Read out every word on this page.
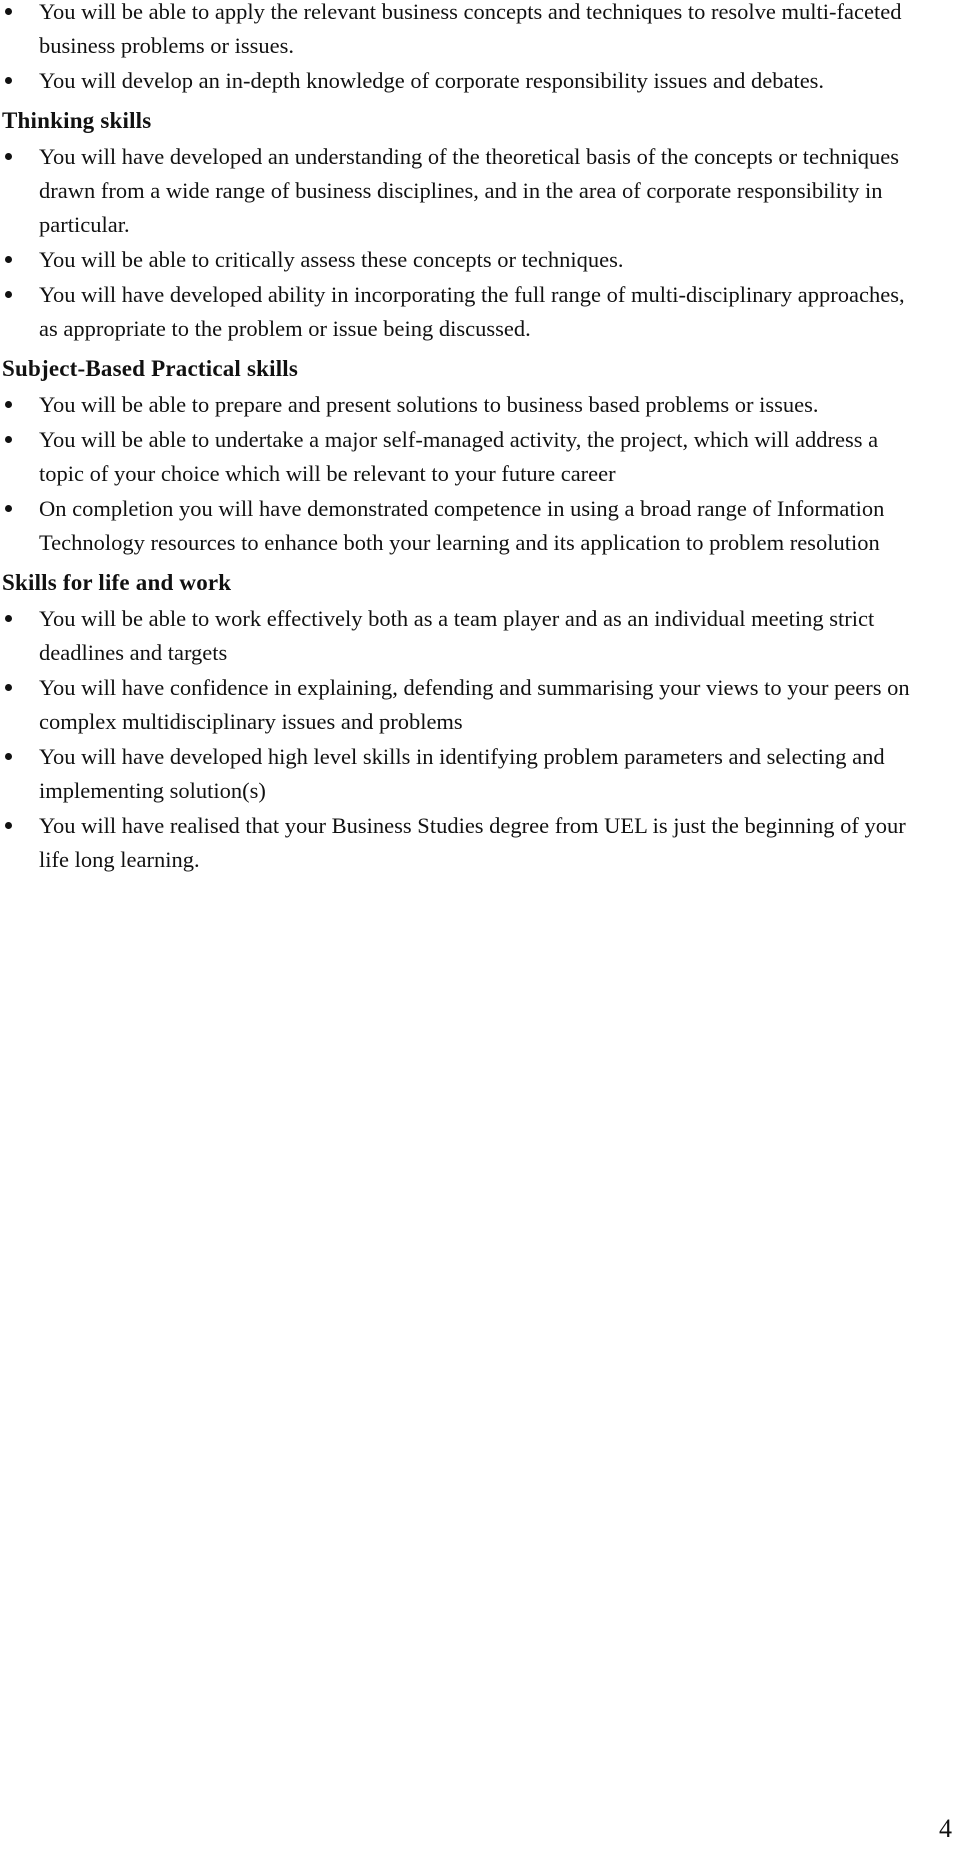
You will be able to apply the relevant business concepts and techniques to resolve multi-faceted business problems or issues.
You will develop an in-depth knowledge of corporate responsibility issues and debates.
Thinking skills
You will have developed an understanding of the theoretical basis of the concepts or techniques drawn from a wide range of business disciplines, and in the area of corporate responsibility in particular.
You will be able to critically assess these concepts or techniques.
You will have developed ability in incorporating the full range of multi-disciplinary approaches, as appropriate to the problem or issue being discussed.
Subject-Based Practical skills
You will be able to prepare and present solutions to business based problems or issues.
You will be able to undertake a major self-managed activity, the project, which will address a topic of your choice which will be relevant to your future career
On completion you will have demonstrated competence in using a broad range of Information Technology resources to enhance both your learning and its application to problem resolution
Skills for life and work
You will be able to work effectively both as a team player and as an individual meeting strict deadlines and targets
You will have confidence in explaining, defending and summarising your views to your peers on complex multidisciplinary issues and problems
You will have developed high level skills in identifying problem parameters and selecting and implementing solution(s)
You will have realised that your Business Studies degree from UEL is just the beginning of your life long learning.
4
